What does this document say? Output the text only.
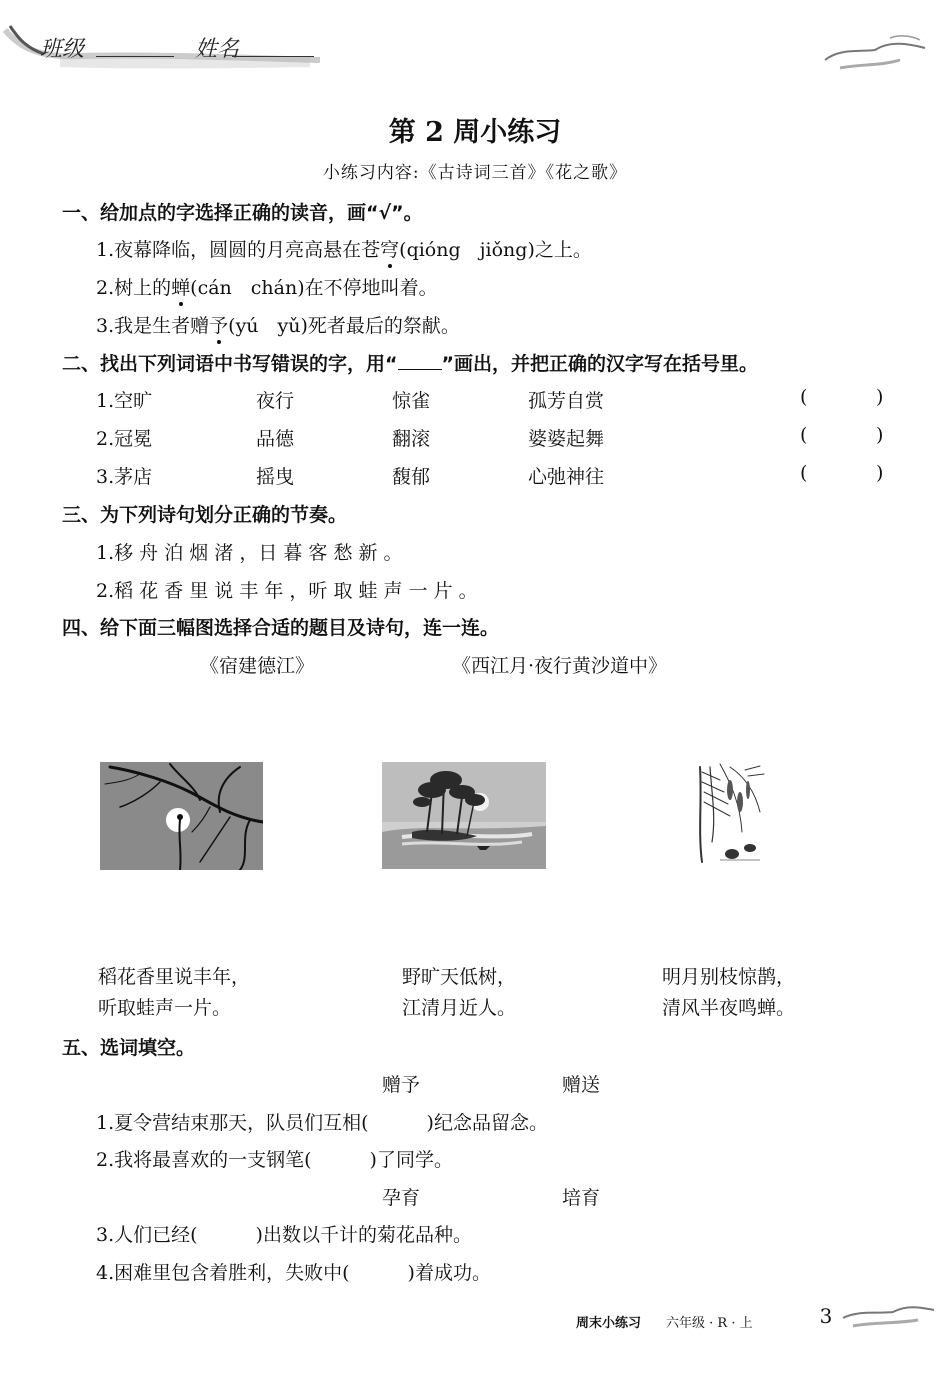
班级	姓名
第 2 周小练习
小练习内容:《古诗词三首》《花之歌》
一、给加点的字选择正确的读音，画“√”。
1.夜幕降临，圆圆的月亮高悬在苍穹(qióng　jiǒng)之上。
2.树上的蝉(cán　chán)在不停地叫着。
3.我是生者赠予(yú　yǔ)死者最后的祭献。
二、找出下列词语中书写错误的字，用“ ”画出，并把正确的汉字写在括号里。
1.空旷	夜行	惊雀	孤芳自赏	(	)
2.冠冕	品德	翻滚	婆婆起舞	(	)
3.茅店	摇曳	馥郁	心弛神往	(	)
三、为下列诗句划分正确的节奏。
1.移 舟 泊 烟 渚 ，日 暮 客 愁 新 。
2.稻 花 香 里 说 丰 年 ，听 取 蛙 声 一 片 。
四、给下面三幅图选择合适的题目及诗句，连一连。
《宿建德江》	《西江月·夜行黄沙道中》
稻花香里说丰年，
听取蛙声一片。
野旷天低树，
江清月近人。
明月别枝惊鹊，
清风半夜鸣蝉。
五、选词填空。
赠予	赠送
1.夏令营结束那天，队员们互相(	)纪念品留念。
2.我将最喜欢的一支钢笔(	)了同学。
孕育	培育
3.人们已经(	)出数以千计的菊花品种。
4.困难里包含着胜利，失败中(	)着成功。
周末小练习 六年级 · R · 上	3
